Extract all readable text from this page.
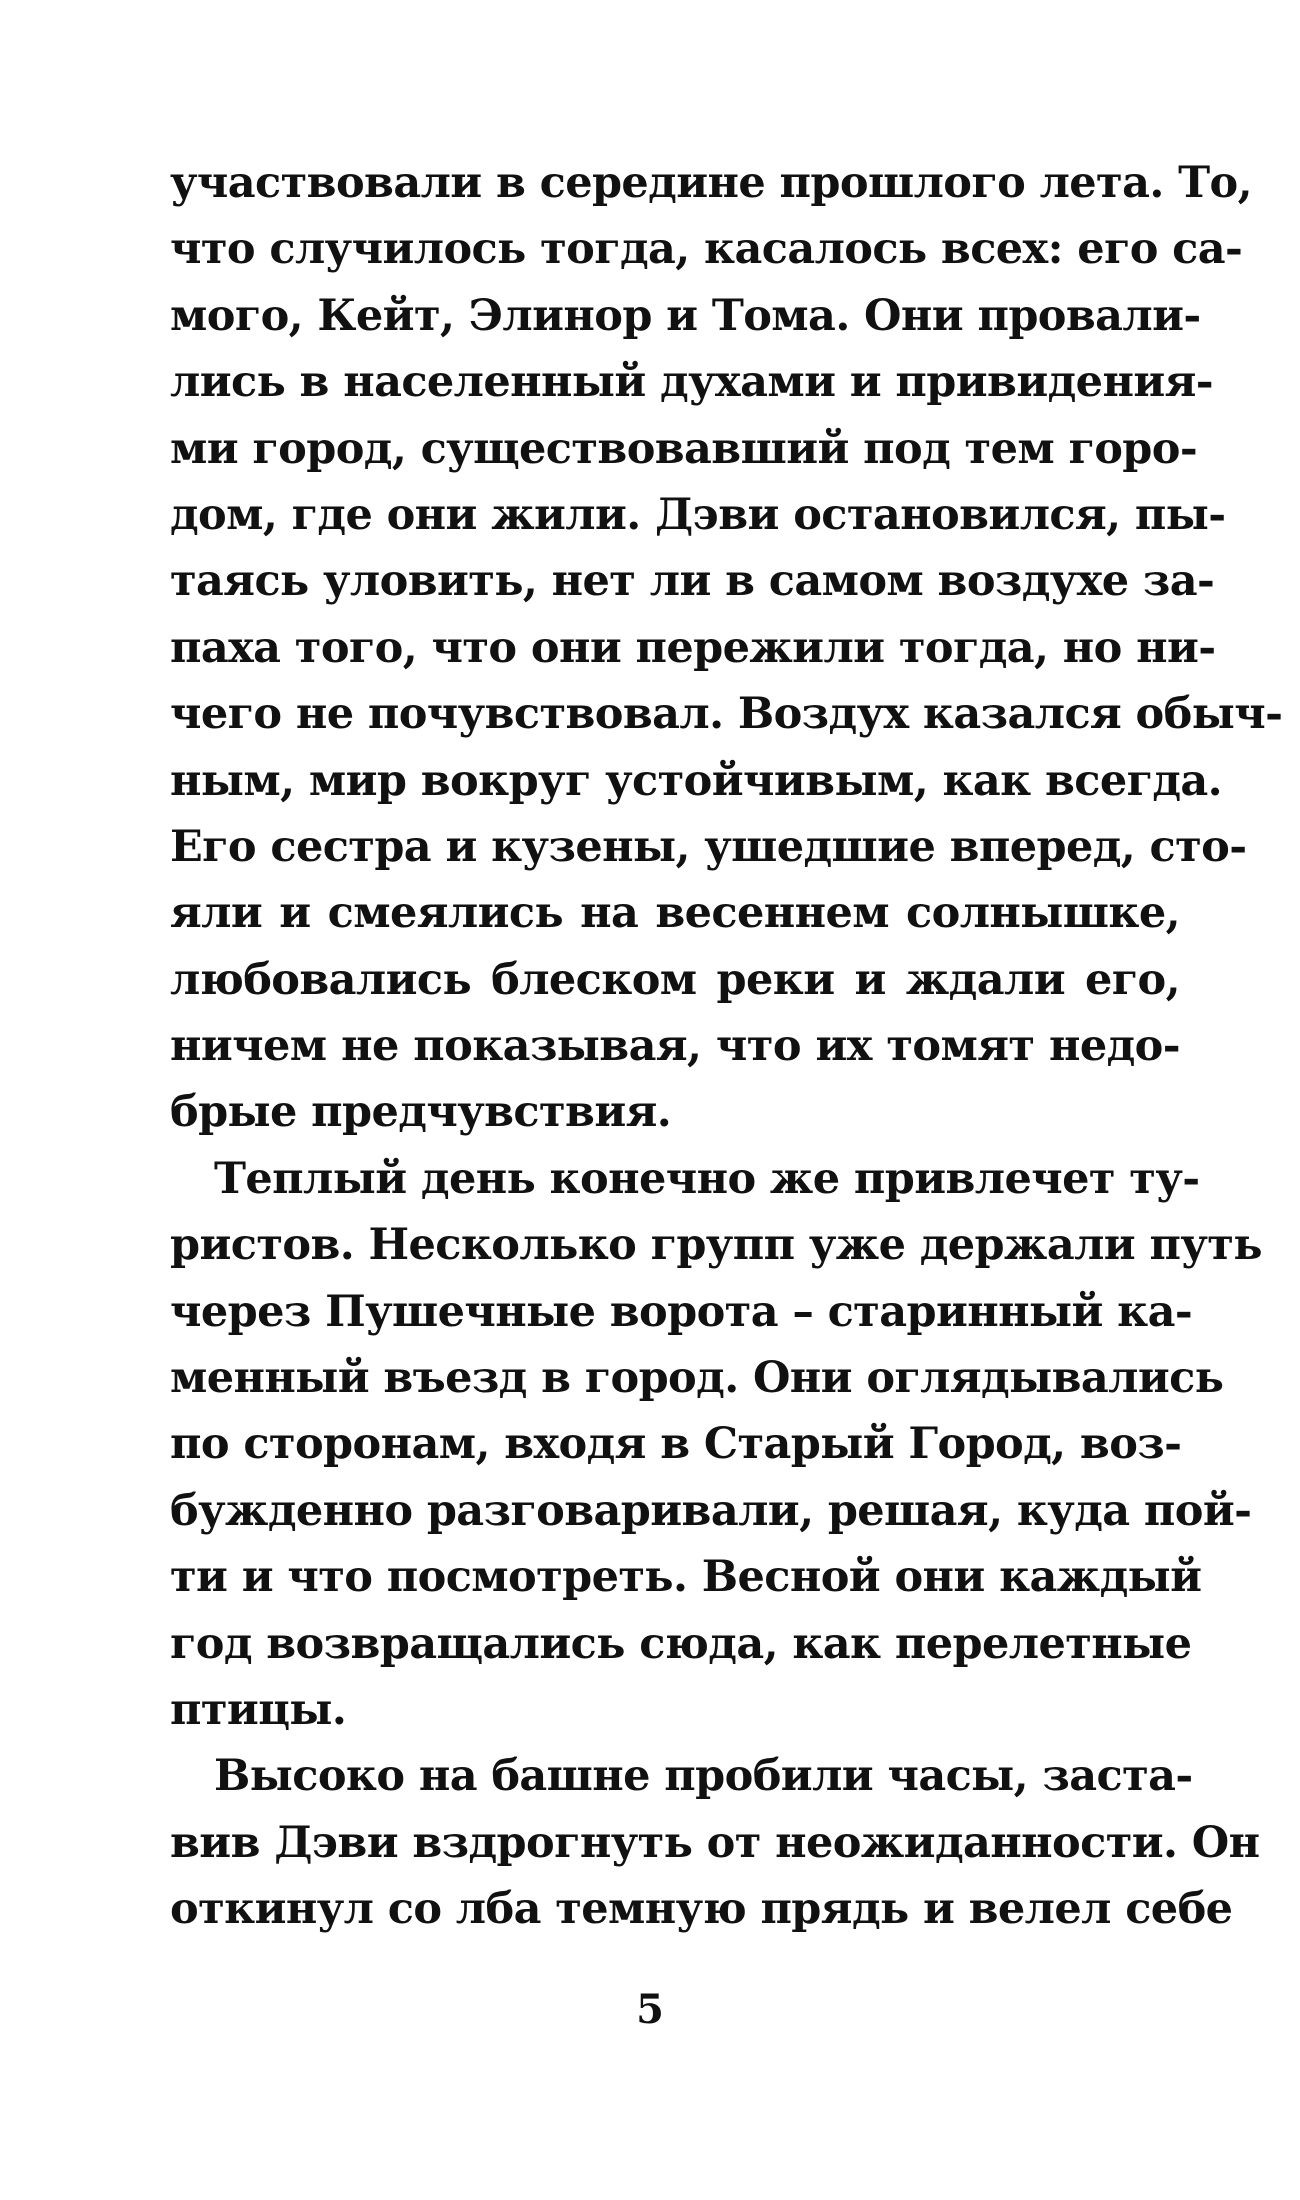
участвовали в середине прошлого лета. То,
что случилось тогда, касалось всех: его са-
мого, Кейт, Элинор и Тома. Они провали-
лись в населенный духами и привидения-
ми город, существовавший под тем горо-
дом, где они жили. Дэви остановился, пы-
таясь уловить, нет ли в самом воздухе за-
паха того, что они пережили тогда, но ни-
чего не почувствовал. Воздух казался обыч-
ным, мир вокруг устойчивым, как всегда.
Его сестра и кузены, ушедшие вперед, сто-
яли и смеялись на весеннем солнышке,
любовались блеском реки и ждали его,
ничем не показывая, что их томят недо-
брые предчувствия.
Теплый день конечно же привлечет ту-
ристов. Несколько групп уже держали путь
через Пушечные ворота – старинный ка-
менный въезд в город. Они оглядывались
по сторонам, входя в Старый Город, воз-
бужденно разговаривали, решая, куда пой-
ти и что посмотреть. Весной они каждый
год возвращались сюда, как перелетные
птицы.
Высоко на башне пробили часы, заста-
вив Дэви вздрогнуть от неожиданности. Он
откинул со лба темную прядь и велел себе
5
